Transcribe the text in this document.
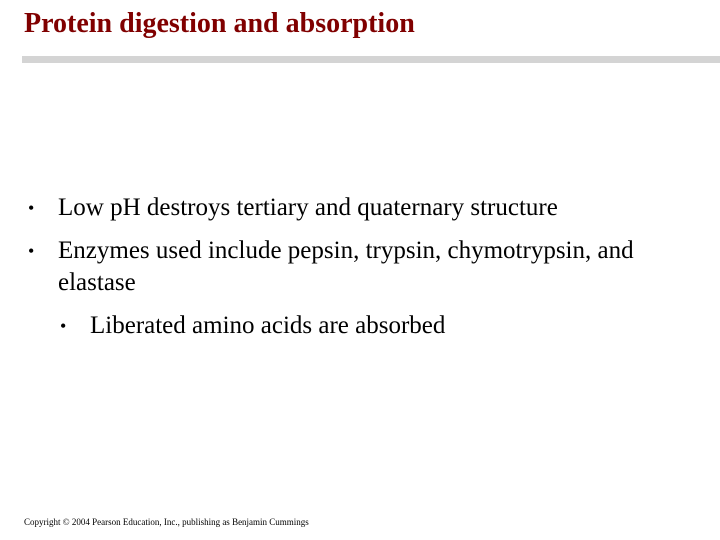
Protein digestion and absorption
• Low pH destroys tertiary and quaternary structure
• Enzymes used include pepsin, trypsin, chymotrypsin, and elastase
• Liberated amino acids are absorbed
Copyright © 2004 Pearson Education, Inc., publishing as Benjamin Cummings
